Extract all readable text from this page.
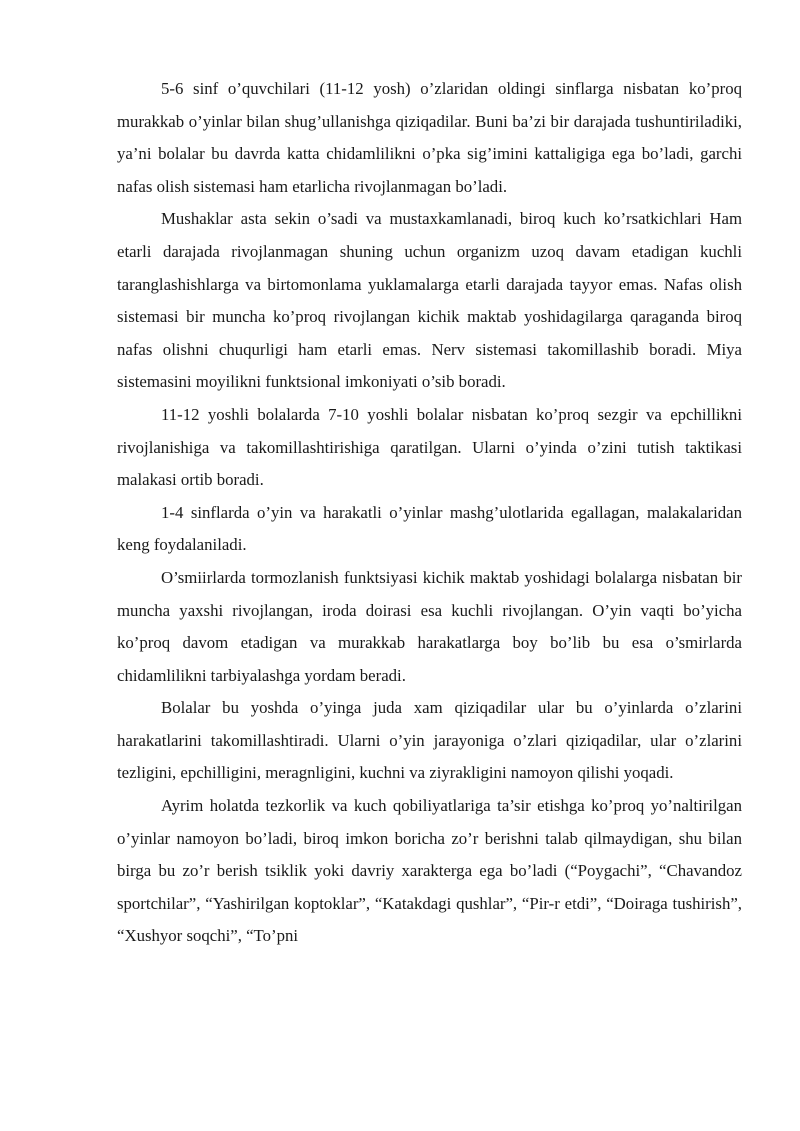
5-6 sinf o’quvchilari (11-12 yosh) o’zlaridan oldingi sinflarga nisbatan ko’proq murakkab o’yinlar bilan shug’ullanishga qiziqadilar. Buni ba’zi bir darajada tushuntiriladiki, ya’ni bolalar bu davrda katta chidamlilikni o’pka sig’imini kattaligiga ega bo’ladi, garchi nafas olish sistemasi ham etarlicha rivojlanmagan bo’ladi.

Mushaklar asta sekin o’sadi va mustaxkamlanadi, biroq kuch ko’rsatkichlari Ham etarli darajada rivojlanmagan shuning uchun organizm uzoq davam etadigan kuchli taranglashishlarga va birtomonlama yuklamalarga etarli darajada tayyor emas. Nafas olish sistemasi bir muncha ko’proq rivojlangan kichik maktab yoshidagilarga qaraganda biroq nafas olishni chuqurligi ham etarli emas. Nerv sistemasi takomillashib boradi. Miya sistemasini moyilikni funktsional imkoniyati o’sib boradi.

11-12 yoshli bolalarda 7-10 yoshli bolalar nisbatan ko’proq sezgir va epchillikni rivojlanishiga va takomillashtirishiga qaratilgan. Ularni o’yinda o’zini tutish taktikasi malakasi ortib boradi.

1-4 sinflarda o’yin va harakatli o’yinlar mashg’ulotlarida egallagan, malakalaridan keng foydalaniladi.

O’smiirlarda tormozlanish funktsiyasi kichik maktab yoshidagi bolalarga nisbatan bir muncha yaxshi rivojlangan, iroda doirasi esa kuchli rivojlangan. O’yin vaqti bo’yicha ko’proq davom etadigan va murakkab harakatlarga boy bo’lib bu esa o’smirlarda chidamlilikni tarbiyalashga yordam beradi.

Bolalar bu yoshda o’yinga juda xam qiziqadilar ular bu o’yinlarda o’zlarini harakatlarini takomillashtiradi. Ularni o’yin jarayoniga o’zlari qiziqadilar, ular o’zlarini tezligini, epchilligini, meragnligini, kuchni va ziyrakligini namoyon qilishi yoqadi.

Ayrim holatda tezkorlik va kuch qobiliyatlariga ta’sir etishga ko’proq yo’naltirilgan o’yinlar namoyon bo’ladi, biroq imkon boricha zo’r berishni talab qilmaydigan, shu bilan birga bu zo’r berish tsiklik yoki davriy xarakterga ega bo’ladi (“Poygachi”, “Chavandoz sportchilar”, “Yashirilgan koptoklar”, “Katakdagi qushlar”, “Pir-r etdi”, “Doiraga tushirish”, “Xushyor soqchi”, “To’pni
